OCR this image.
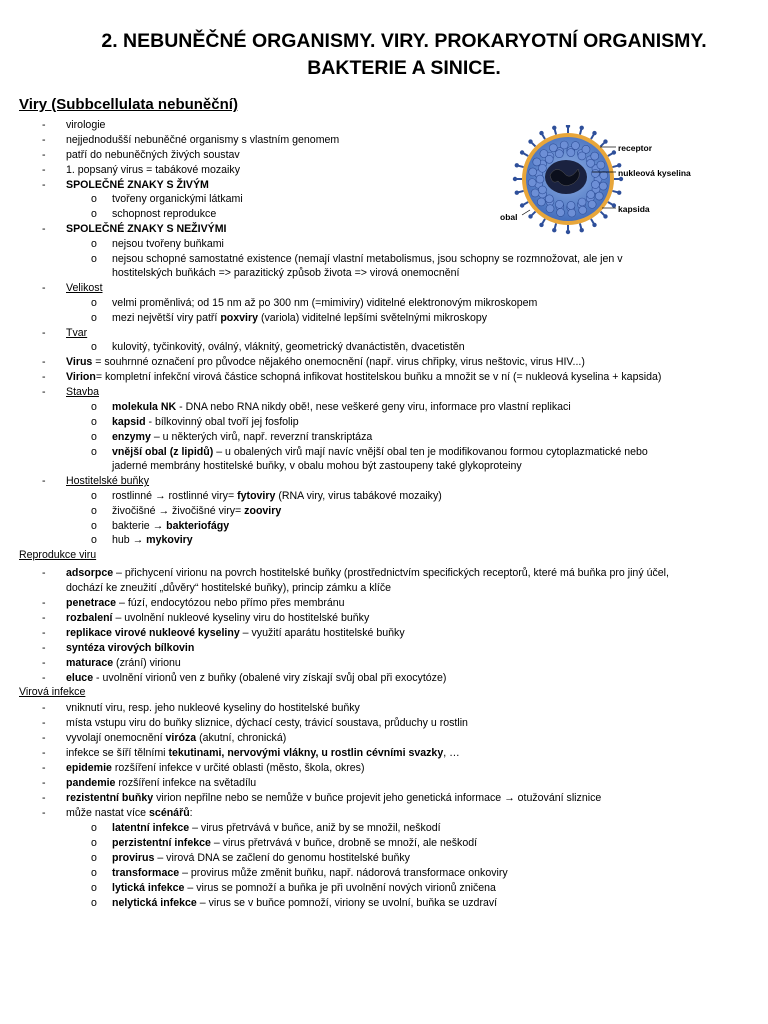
2. NEBUNĚČNÉ ORGANISMY. VIRY. PROKARYOTNÍ ORGANISMY.
BAKTERIE A SINICE.
Viry (Subbcellulata nebuněční)
receptor
nukleová kyselina
kapsida
obal
- virologie
- nejjednodušší nebuněčné organismy s vlastním genomem
- patří do nebuněčných živých soustav
- 1. popsaný virus = tabákové mozaiky
- SPOLEČNÉ ZNAKY S ŽIVÝM
o tvořeny organickými látkami
o schopnost reprodukce
- SPOLEČNÉ ZNAKY S NEŽIVÝMI
o nejsou tvořeny buňkami
o nejsou schopné samostatné existence (nemají vlastní metabolismus, jsou schopny se rozmnožovat, ale jen v
hostitelských buňkách => parazitický způsob života => virová onemocnění
- Velikost
o velmi proměnlivá; od 15 nm až po 300 nm (=mimiviry) viditelné elektronovým mikroskopem
o mezi největší viry patří poxviry (variola) viditelné lepšími světelnými mikroskopy
- Tvar
o kulovitý, tyčinkovitý, oválný, vláknitý, geometrický dvanáctistěn, dvacetistěn
- Virus = souhrnné označení pro původce nějakého onemocnění (např. virus chřipky, virus neštovic, virus HIV...)
- Virion= kompletní infekční virová částice schopná infikovat hostitelskou buňku a množit se v ní (= nukleová kyselina + kapsida)
- Stavba
o molekula NK - DNA nebo RNA nikdy obě!, nese veškeré geny viru, informace pro vlastní replikaci
o kapsid - bílkovinný obal tvoří jej fosfolip
o enzymy – u některých virů, např. reverzní transkriptáza
o vnější obal (z lipidů) – u obalených virů mají navíc vnější obal ten je modifikovanou formou cytoplazmatické nebo
jaderné membrány hostitelské buňky, v obalu mohou být zastoupeny také glykoproteiny
- Hostitelské buňky
o rostlinné → rostlinné viry= fytoviry (RNA viry, virus tabákové mozaiky)
o živočišné → živočišné viry= zooviry
o bakterie → bakteriofágy
o hub → mykoviry
Reprodukce viru
- adsorpce – přichycení virionu na povrch hostitelské buňky (prostřednictvím specifických receptorů, které má buňka pro jiný účel,
dochází ke zneužití „důvěry“ hostitelské buňky), princip zámku a klíče
- penetrace – fúzí, endocytózou nebo přímo přes membránu
- rozbalení – uvolnění nukleové kyseliny viru do hostitelské buňky
- replikace virové nukleové kyseliny – využití aparátu hostitelské buňky
- syntéza virových bílkovin
- maturace (zrání) virionu
- eluce - uvolnění virionů ven z buňky (obalené viry získají svůj obal při exocytóze)
Virová infekce
- vniknutí viru, resp. jeho nukleové kyseliny do hostitelské buňky
- místa vstupu viru do buňky sliznice, dýchací cesty, trávicí soustava, průduchy u rostlin
- vyvolají onemocnění viróza (akutní, chronická)
- infekce se šíří tělními tekutinami, nervovými vlákny, u rostlin cévními svazky, …
- epidemie rozšíření infekce v určité oblasti (město, škola, okres)
- pandemie rozšíření infekce na světadílu
- rezistentní buňky virion nepřilne nebo se nemůže v buňce projevit jeho genetická informace → otužování sliznice
- může nastat více scénářů:
o latentní infekce – virus přetrvává v buňce, aniž by se množil, neškodí
o perzistentní infekce – virus přetrvává v buňce, drobně se množí, ale neškodí
o provirus – virová DNA se začlení do genomu hostitelské buňky
o transformace – provirus může změnit buňku, např. nádorová transformace onkoviry
o lytická infekce – virus se pomnoží a buňka je při uvolnění nových virionů zničena
o nelytická infekce – virus se v buňce pomnoží, viriony se uvolní, buňka se uzdraví
